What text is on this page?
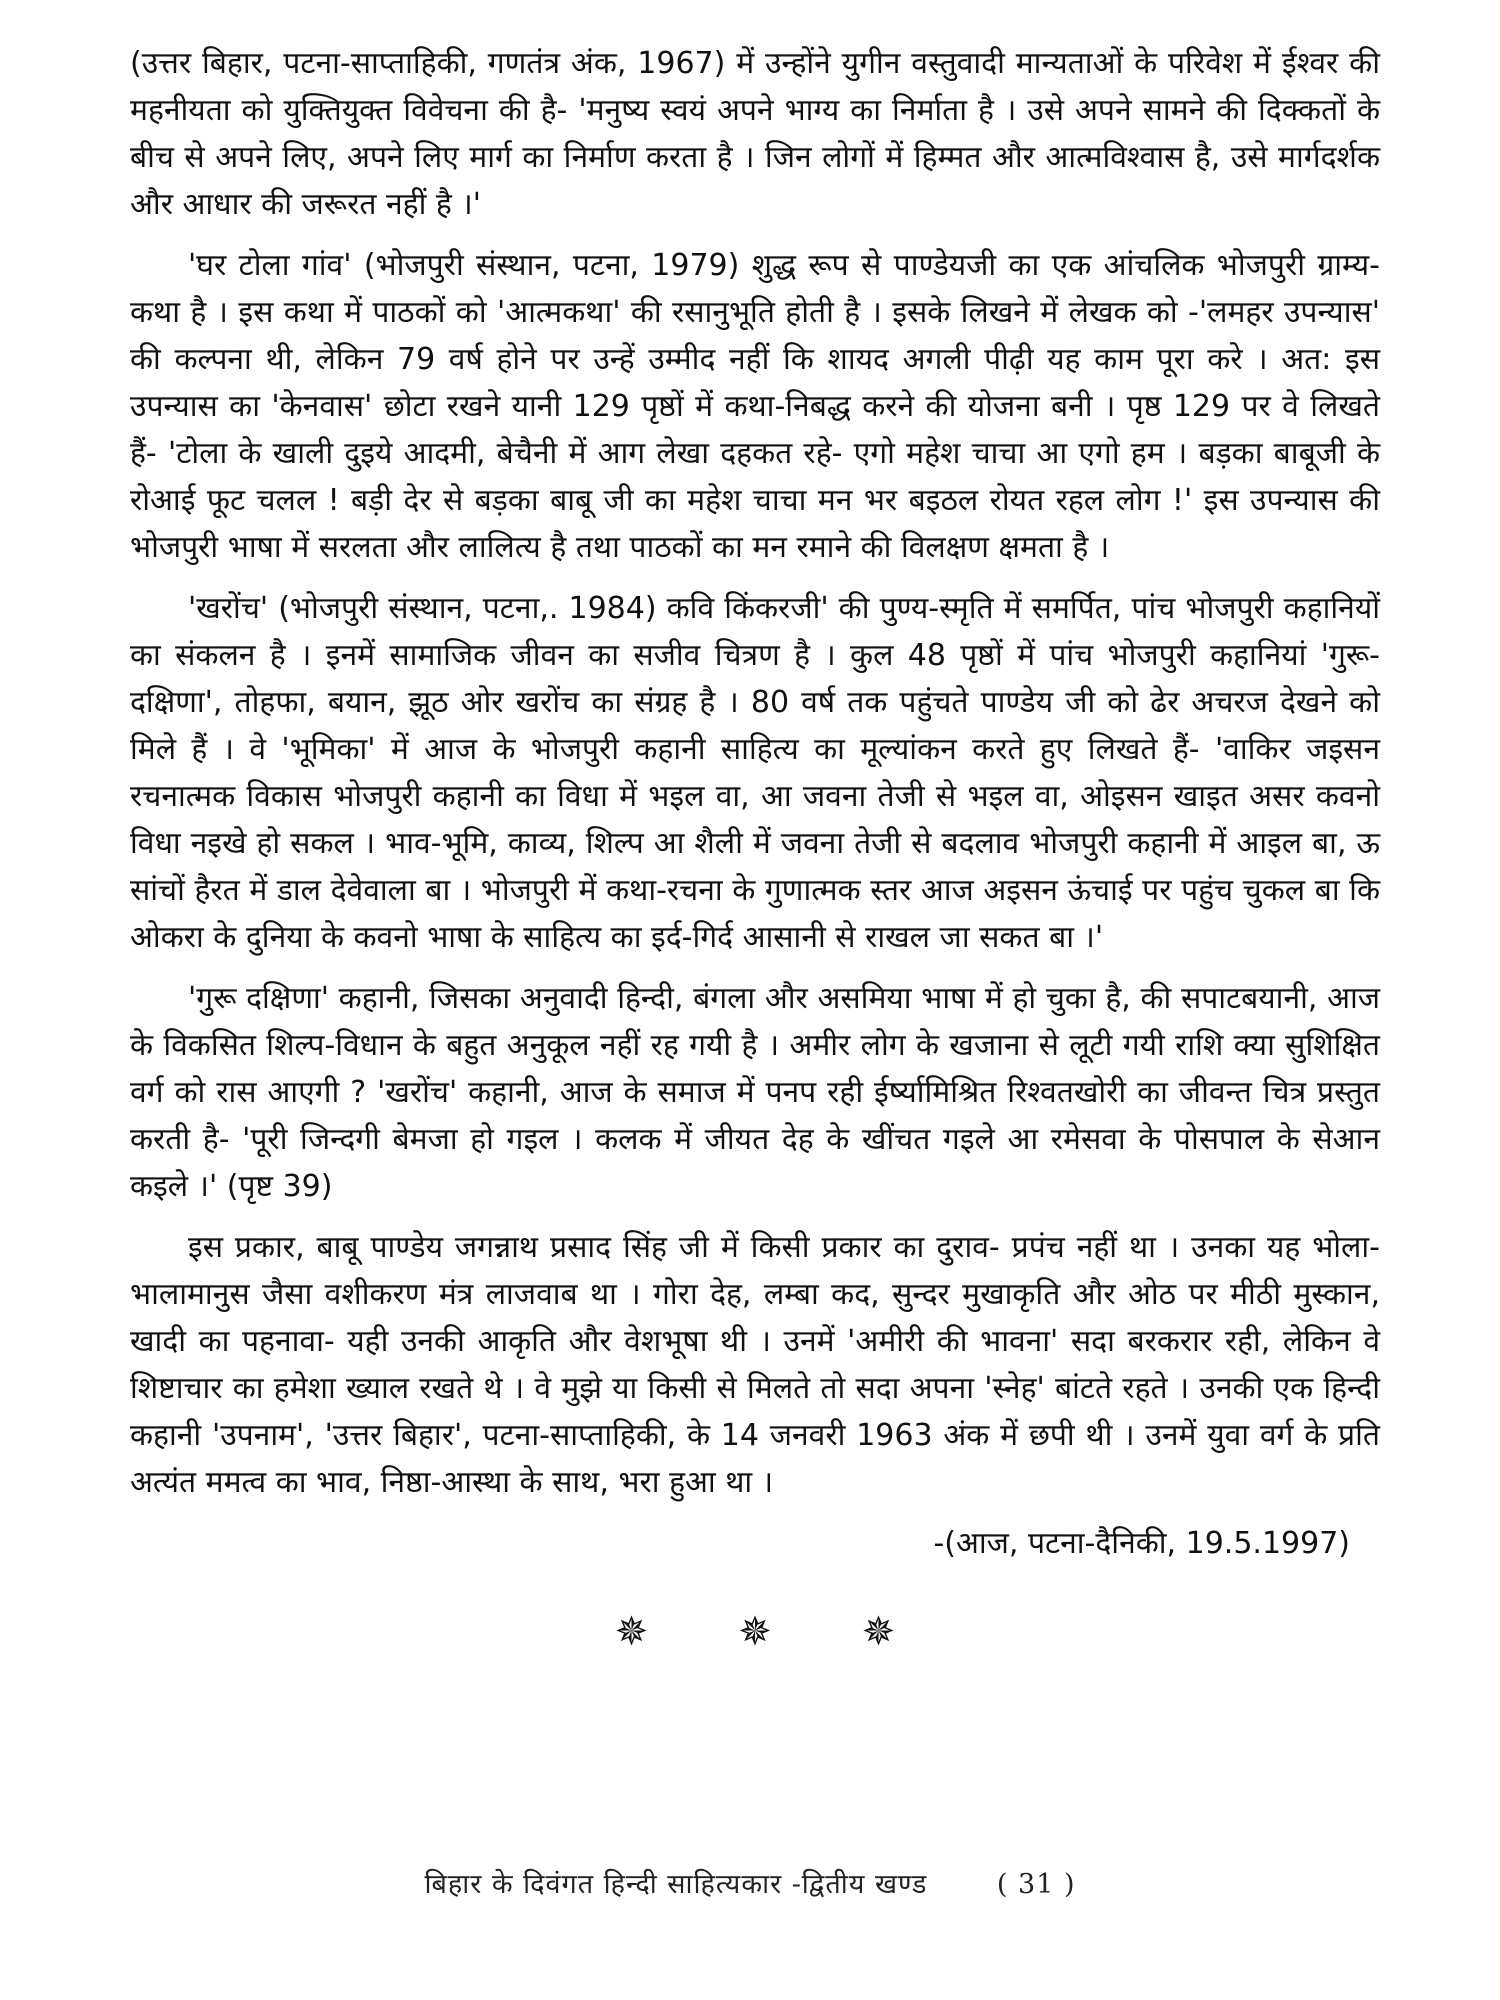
(उत्तर बिहार, पटना-साप्ताहिकी, गणतंत्र अंक, 1967) में उन्होंने युगीन वस्तुवादी मान्यताओं के परिवेश में ईश्वर की महनीयता को युक्तियुक्त विवेचना की है- 'मनुष्य स्वयं अपने भाग्य का निर्माता है । उसे अपने सामने की दिक्कतों के बीच से अपने लिए, अपने लिए मार्ग का निर्माण करता है । जिन लोगों में हिम्मत और आत्मविश्वास है, उसे मार्गदर्शक और आधार की जरूरत नहीं है ।'

'घर टोला गांव' (भोजपुरी संस्थान, पटना, 1979) शुद्ध रूप से पाण्डेयजी का एक आंचलिक भोजपुरी ग्राम्य-कथा है । इस कथा में पाठकों को 'आत्मकथा' की रसानुभूति होती है । इसके लिखने में लेखक को -'लमहर उपन्यास' की कल्पना थी, लेकिन 79 वर्ष होने पर उन्हें उम्मीद नहीं कि शायद अगली पीढ़ी यह काम पूरा करे । अत: इस उपन्यास का 'केनवास' छोटा रखने यानी 129 पृष्ठों में कथा-निबद्ध करने की योजना बनी । पृष्ठ 129 पर वे लिखते हैं- 'टोला के खाली दुइये आदमी, बेचैनी में आग लेखा दहकत रहे- एगो महेश चाचा आ एगो हम । बड़का बाबूजी के रोआई फूट चलल ! बड़ी देर से बड़का बाबू जी का महेश चाचा मन भर बइठल रोयत रहल लोग !' इस उपन्यास की भोजपुरी भाषा में सरलता और लालित्य है तथा पाठकों का मन रमाने की विलक्षण क्षमता है ।

'खरोंच' (भोजपुरी संस्थान, पटना,. 1984) कवि किंकरजी' की पुण्य-स्मृति में समर्पित, पांच भोजपुरी कहानियों का संकलन है । इनमें सामाजिक जीवन का सजीव चित्रण है । कुल 48 पृष्ठों में पांच भोजपुरी कहानियां 'गुरू-दक्षिणा', तोहफा, बयान, झूठ ओर खरोंच का संग्रह है । 80 वर्ष तक पहुंचते पाण्डेय जी को ढेर अचरज देखने को मिले हैं । वे 'भूमिका' में आज के भोजपुरी कहानी साहित्य का मूल्यांकन करते हुए लिखते हैं- 'वाकिर जइसन रचनात्मक विकास भोजपुरी कहानी का विधा में भइल वा, आ जवना तेजी से भइल वा, ओइसन खाइत असर कवनो विधा नइखे हो सकल । भाव-भूमि, काव्य, शिल्प आ शैली में जवना तेजी से बदलाव भोजपुरी कहानी में आइल बा, ऊ सांचों हैरत में डाल देवेवाला बा । भोजपुरी में कथा-रचना के गुणात्मक स्तर आज अइसन ऊंचाई पर पहुंच चुकल बा कि ओकरा के दुनिया के कवनो भाषा के साहित्य का इर्द-गिर्द आसानी से राखल जा सकत बा ।'

'गुरू दक्षिणा' कहानी, जिसका अनुवादी हिन्दी, बंगला और असमिया भाषा में हो चुका है, की सपाटबयानी, आज के विकसित शिल्प-विधान के बहुत अनुकूल नहीं रह गयी है । अमीर लोग के खजाना से लूटी गयी राशि क्या सुशिक्षित वर्ग को रास आएगी ? 'खरोंच' कहानी, आज के समाज में पनप रही ईर्ष्यामिश्रित रिश्वतखोरी का जीवन्त चित्र प्रस्तुत करती है- 'पूरी जिन्दगी बेमजा हो गइल । कलक में जीयत देह के खींचत गइले आ रमेसवा के पोसपाल के सेआन कइले ।' (पृष्ट 39)

इस प्रकार, बाबू पाण्डेय जगन्नाथ प्रसाद सिंह जी में किसी प्रकार का दुराव- प्रपंच नहीं था । उनका यह भोला-भालामानुस जैसा वशीकरण मंत्र लाजवाब था । गोरा देह, लम्बा कद, सुन्दर मुखाकृति और ओठ पर मीठी मुस्कान, खादी का पहनावा- यही उनकी आकृति और वेशभूषा थी । उनमें 'अमीरी की भावना' सदा बरकरार रही, लेकिन वे शिष्टाचार का हमेशा ख्याल रखते थे । वे मुझे या किसी से मिलते तो सदा अपना 'स्नेह' बांटते रहते । उनकी एक हिन्दी कहानी 'उपनाम', 'उत्तर बिहार', पटना-साप्ताहिकी, के 14 जनवरी 1963 अंक में छपी थी । उनमें युवा वर्ग के प्रति अत्यंत ममत्व का भाव, निष्ठा-आस्था के साथ, भरा हुआ था ।

-(आज, पटना-दैनिकी, 19.5.1997)

✵ ✵ ✵
बिहार के दिवंगत हिन्दी साहित्यकार -द्वितीय खण्ड	( 31 )
